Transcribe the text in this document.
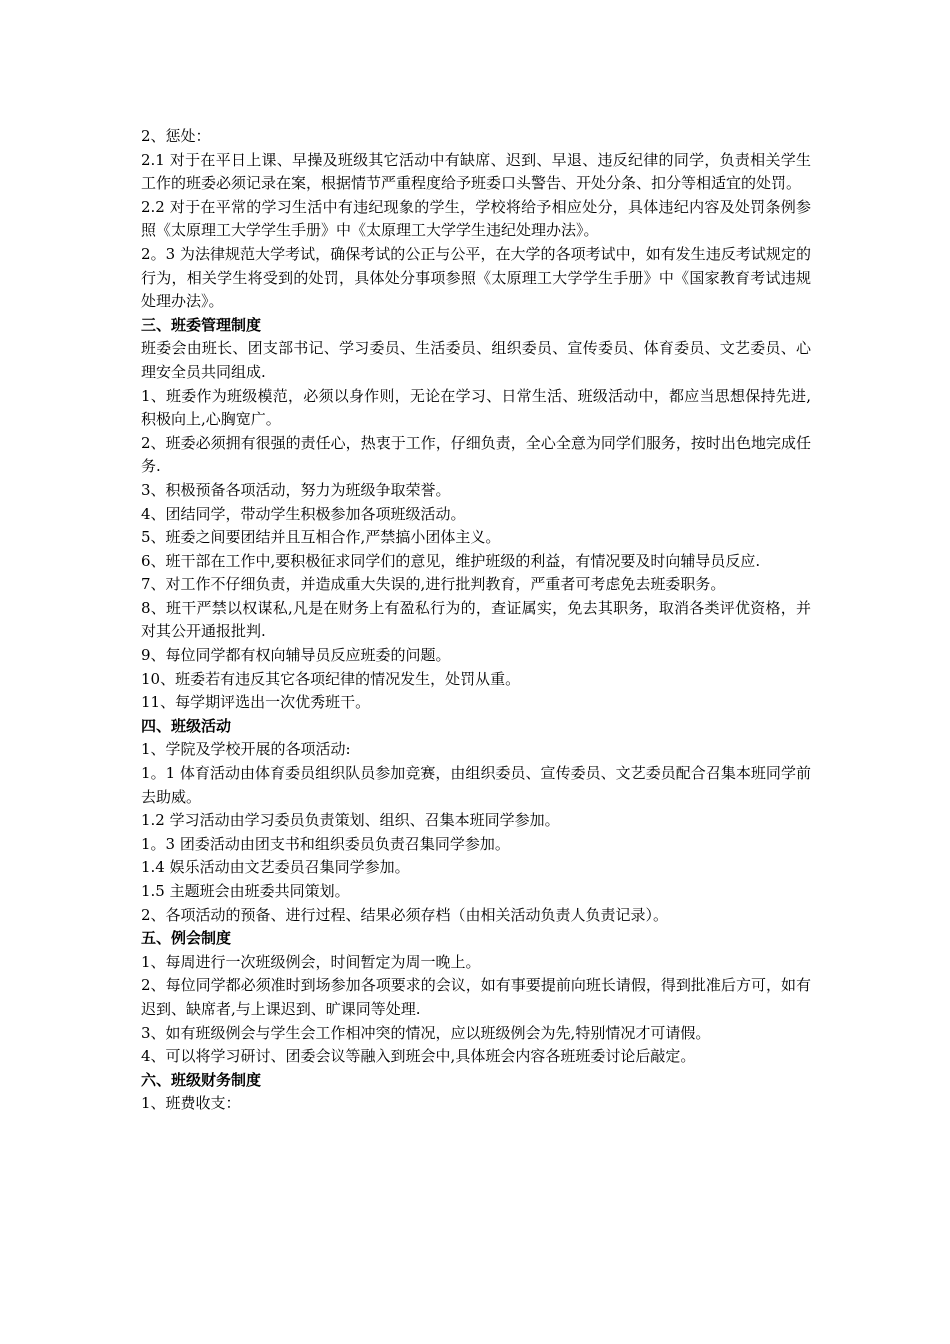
2、惩处：

2.1 对于在平日上课、早操及班级其它活动中有缺席、迟到、早退、违反纪律的同学，负责相关学生工作的班委必须记录在案，根据情节严重程度给予班委口头警告、开处分条、扣分等相适宜的处罚。

2.2 对于在平常的学习生活中有违纪现象的学生，学校将给予相应处分，具体违纪内容及处罚条例参照《太原理工大学学生手册》中《太原理工大学学生违纪处理办法》。

2。3 为法律规范大学考试，确保考试的公正与公平，在大学的各项考试中，如有发生违反考试规定的行为，相关学生将受到的处罚，具体处分事项参照《太原理工大学学生手册》中《国家教育考试违规处理办法》。

三、班委管理制度

班委会由班长、团支部书记、学习委员、生活委员、组织委员、宣传委员、体育委员、文艺委员、心理安全员共同组成.

1、班委作为班级模范，必须以身作则，无论在学习、日常生活、班级活动中，都应当思想保持先进,积极向上,心胸宽广。

2、班委必须拥有很强的责任心，热衷于工作，仔细负责，全心全意为同学们服务，按时出色地完成任务.

3、积极预备各项活动，努力为班级争取荣誉。

4、团结同学，带动学生积极参加各项班级活动。

5、班委之间要团结并且互相合作,严禁搞小团体主义。

6、班干部在工作中,要积极征求同学们的意见，维护班级的利益，有情况要及时向辅导员反应.

7、对工作不仔细负责，并造成重大失误的,进行批判教育，严重者可考虑免去班委职务。

8、班干严禁以权谋私,凡是在财务上有盈私行为的，查证属实，免去其职务，取消各类评优资格，并对其公开通报批判.

9、每位同学都有权向辅导员反应班委的问题。

10、班委若有违反其它各项纪律的情况发生，处罚从重。

11、每学期评选出一次优秀班干。

四、班级活动

1、学院及学校开展的各项活动:

1。1 体育活动由体育委员组织队员参加竞赛，由组织委员、宣传委员、文艺委员配合召集本班同学前去助威。

1.2 学习活动由学习委员负责策划、组织、召集本班同学参加。

1。3 团委活动由团支书和组织委员负责召集同学参加。

1.4 娱乐活动由文艺委员召集同学参加。

1.5 主题班会由班委共同策划。

2、各项活动的预备、进行过程、结果必须存档（由相关活动负责人负责记录）。

五、例会制度

1、每周进行一次班级例会，时间暂定为周一晚上。

2、每位同学都必须准时到场参加各项要求的会议，如有事要提前向班长请假，得到批准后方可，如有迟到、缺席者,与上课迟到、旷课同等处理.

3、如有班级例会与学生会工作相冲突的情况，应以班级例会为先,特别情况才可请假。

4、可以将学习研讨、团委会议等融入到班会中,具体班会内容各班班委讨论后敲定。

六、班级财务制度

1、班费收支：
